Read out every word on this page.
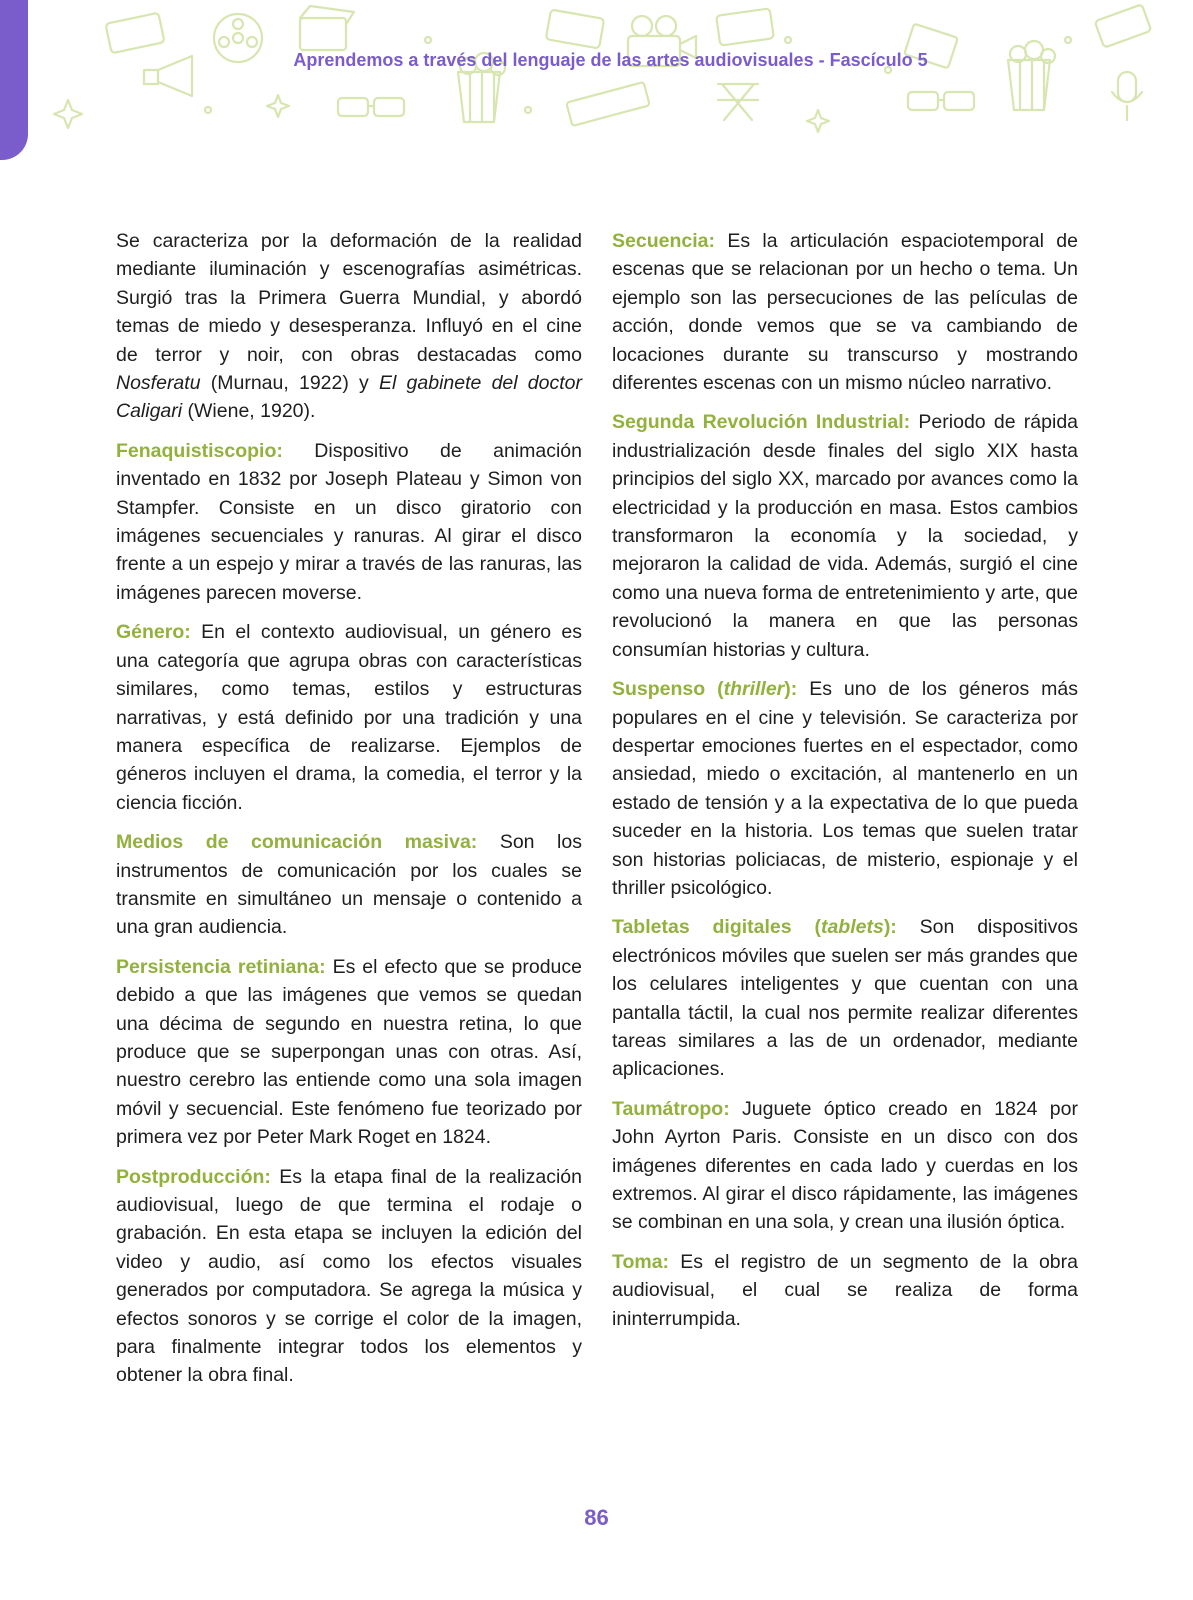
Aprendemos a través del lenguaje de las artes audiovisuales - Fascículo 5

Se caracteriza por la deformación de la realidad mediante iluminación y escenografías asimétricas. Surgió tras la Primera Guerra Mundial, y abordó temas de miedo y desesperanza. Influyó en el cine de terror y noir, con obras destacadas como Nosferatu (Murnau, 1922) y El gabinete del doctor Caligari (Wiene, 1920).

Fenaquistiscopio: Dispositivo de animación inventado en 1832 por Joseph Plateau y Simon von Stampfer. Consiste en un disco giratorio con imágenes secuenciales y ranuras. Al girar el disco frente a un espejo y mirar a través de las ranuras, las imágenes parecen moverse.

Género: En el contexto audiovisual, un género es una categoría que agrupa obras con características similares, como temas, estilos y estructuras narrativas, y está definido por una tradición y una manera específica de realizarse. Ejemplos de géneros incluyen el drama, la comedia, el terror y la ciencia ficción.

Medios de comunicación masiva: Son los instrumentos de comunicación por los cuales se transmite en simultáneo un mensaje o contenido a una gran audiencia.

Persistencia retiniana: Es el efecto que se produce debido a que las imágenes que vemos se quedan una décima de segundo en nuestra retina, lo que produce que se superpongan unas con otras. Así, nuestro cerebro las entiende como una sola imagen móvil y secuencial. Este fenómeno fue teorizado por primera vez por Peter Mark Roget en 1824.

Postproducción: Es la etapa final de la realización audiovisual, luego de que termina el rodaje o grabación. En esta etapa se incluyen la edición del video y audio, así como los efectos visuales generados por computadora. Se agrega la música y efectos sonoros y se corrige el color de la imagen, para finalmente integrar todos los elementos y obtener la obra final.

Secuencia: Es la articulación espaciotemporal de escenas que se relacionan por un hecho o tema. Un ejemplo son las persecuciones de las películas de acción, donde vemos que se va cambiando de locaciones durante su transcurso y mostrando diferentes escenas con un mismo núcleo narrativo.

Segunda Revolución Industrial: Periodo de rápida industrialización desde finales del siglo XIX hasta principios del siglo XX, marcado por avances como la electricidad y la producción en masa. Estos cambios transformaron la economía y la sociedad, y mejoraron la calidad de vida. Además, surgió el cine como una nueva forma de entretenimiento y arte, que revolucionó la manera en que las personas consumían historias y cultura.

Suspenso (thriller): Es uno de los géneros más populares en el cine y televisión. Se caracteriza por despertar emociones fuertes en el espectador, como ansiedad, miedo o excitación, al mantenerlo en un estado de tensión y a la expectativa de lo que pueda suceder en la historia. Los temas que suelen tratar son historias policiacas, de misterio, espionaje y el thriller psicológico.

Tabletas digitales (tablets): Son dispositivos electrónicos móviles que suelen ser más grandes que los celulares inteligentes y que cuentan con una pantalla táctil, la cual nos permite realizar diferentes tareas similares a las de un ordenador, mediante aplicaciones.

Taumátropo: Juguete óptico creado en 1824 por John Ayrton Paris. Consiste en un disco con dos imágenes diferentes en cada lado y cuerdas en los extremos. Al girar el disco rápidamente, las imágenes se combinan en una sola, y crean una ilusión óptica.

Toma: Es el registro de un segmento de la obra audiovisual, el cual se realiza de forma ininterrumpida.

86
